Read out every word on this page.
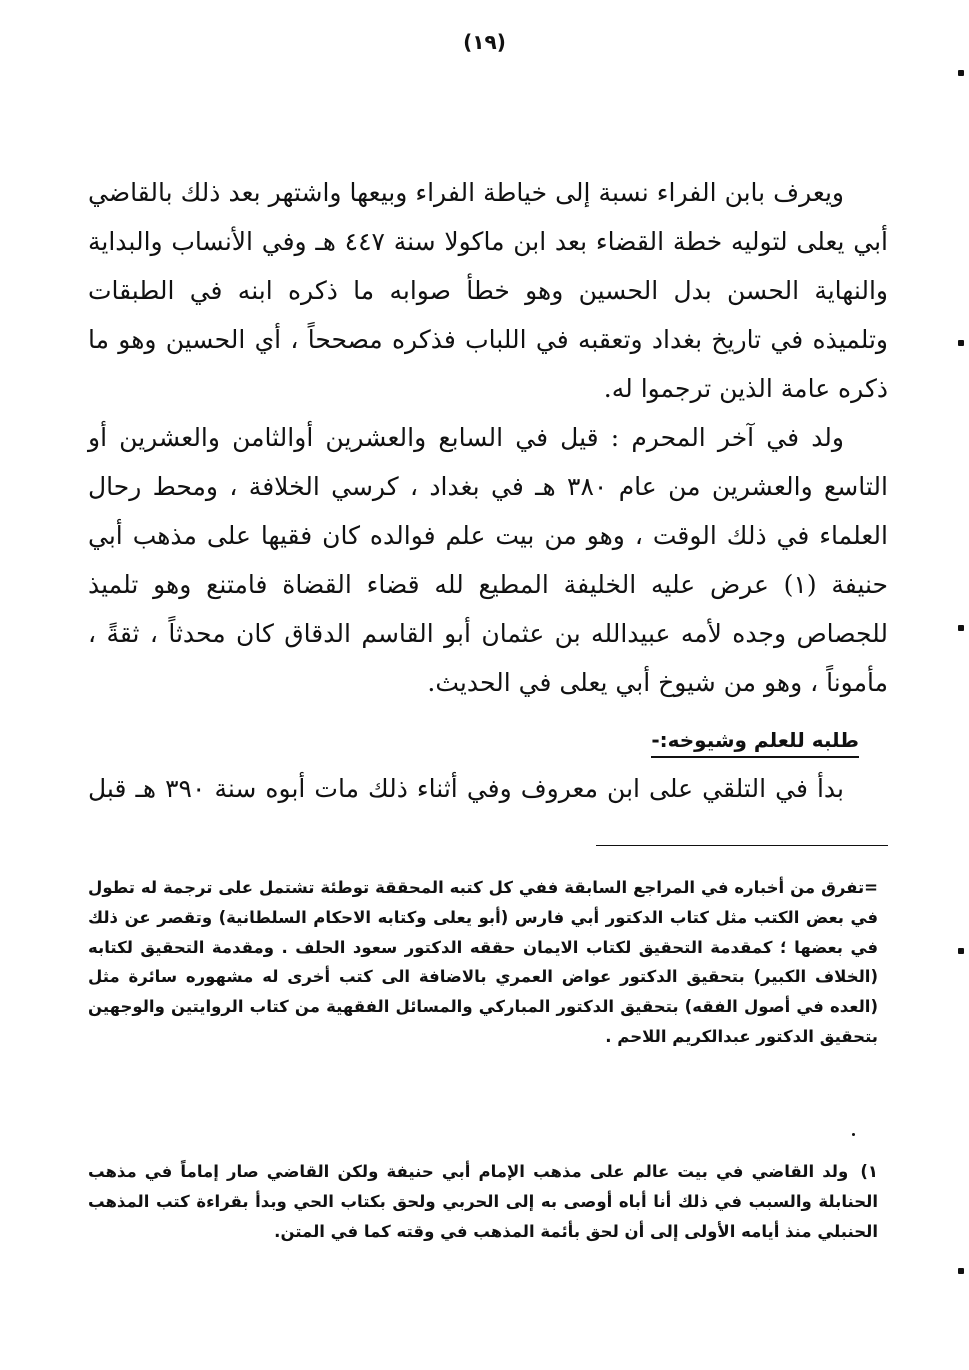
(١٩)

ويعرف بابن الفراء نسبة إلى خياطة الفراء وبيعها واشتهر بعد ذلك بالقاضي أبي يعلى لتوليه خطة القضاء بعد ابن ماكولا سنة ٤٤٧ هـ وفي الأنساب والبداية والنهاية الحسن بدل الحسين وهو خطأ صوابه ما ذكره ابنه في الطبقات وتلميذه في تاريخ بغداد وتعقبه في اللباب فذكره مصححاً ، أي الحسين وهو ما ذكره عامة الذين ترجموا له.

ولد في آخر المحرم : قيل في السابع والعشرين أوالثامن والعشرين أو التاسع والعشرين من عام ٣٨٠ هـ في بغداد ، كرسي الخلافة ، ومحط رحال العلماء في ذلك الوقت ، وهو من بيت علم فوالده كان فقيها على مذهب أبي حنيفة (١) عرض عليه الخليفة المطيع لله قضاء القضاة فامتنع وهو تلميذ للجصاص وجده لأمه عبيدالله بن عثمان أبو القاسم الدقاق كان محدثاً ، ثقةً ، مأموناً ، وهو من شيوخ أبي يعلى في الحديث.

طلبه للعلم وشيوخه:-

بدأ في التلقي على ابن معروف وفي أثناء ذلك مات أبوه سنة ٣٩٠ هـ قبل

=تفرق من أخباره في المراجع السابقة ففي كل كتبه المحققة توطئة تشتمل على ترجمة له تطول في بعض الكتب مثل كتاب الدكتور أبي فارس (أبو يعلى وكتابه الاحكام السلطانية) وتقصر عن ذلك في بعضها ؛ كمقدمة التحقيق لكتاب الايمان حققه الدكتور سعود الحلف . ومقدمة التحقيق لكتابه (الخلاف الكبير) بتحقيق الدكتور عواض العمري بالاضافة الى كتب أخرى له مشهوره سائرة مثل (العده في أصول الفقه) بتحقيق الدكتور المباركي والمسائل الفقهية من كتاب الروايتين والوجهين بتحقيق الدكتور عبدالكريم اللاحم .

١) ولد القاضي في بيت عالم على مذهب الإمام أبي حنيفة ولكن القاضي صار إماماً في مذهب الحنابلة والسبب في ذلك أنا أباه أوصى به إلى الحربي ولحق بكتاب الحي وبدأ بقراءة كتب المذهب الحنبلي منذ أيامه الأولى إلى أن لحق بأئمة المذهب في وقته كما في المتن.
